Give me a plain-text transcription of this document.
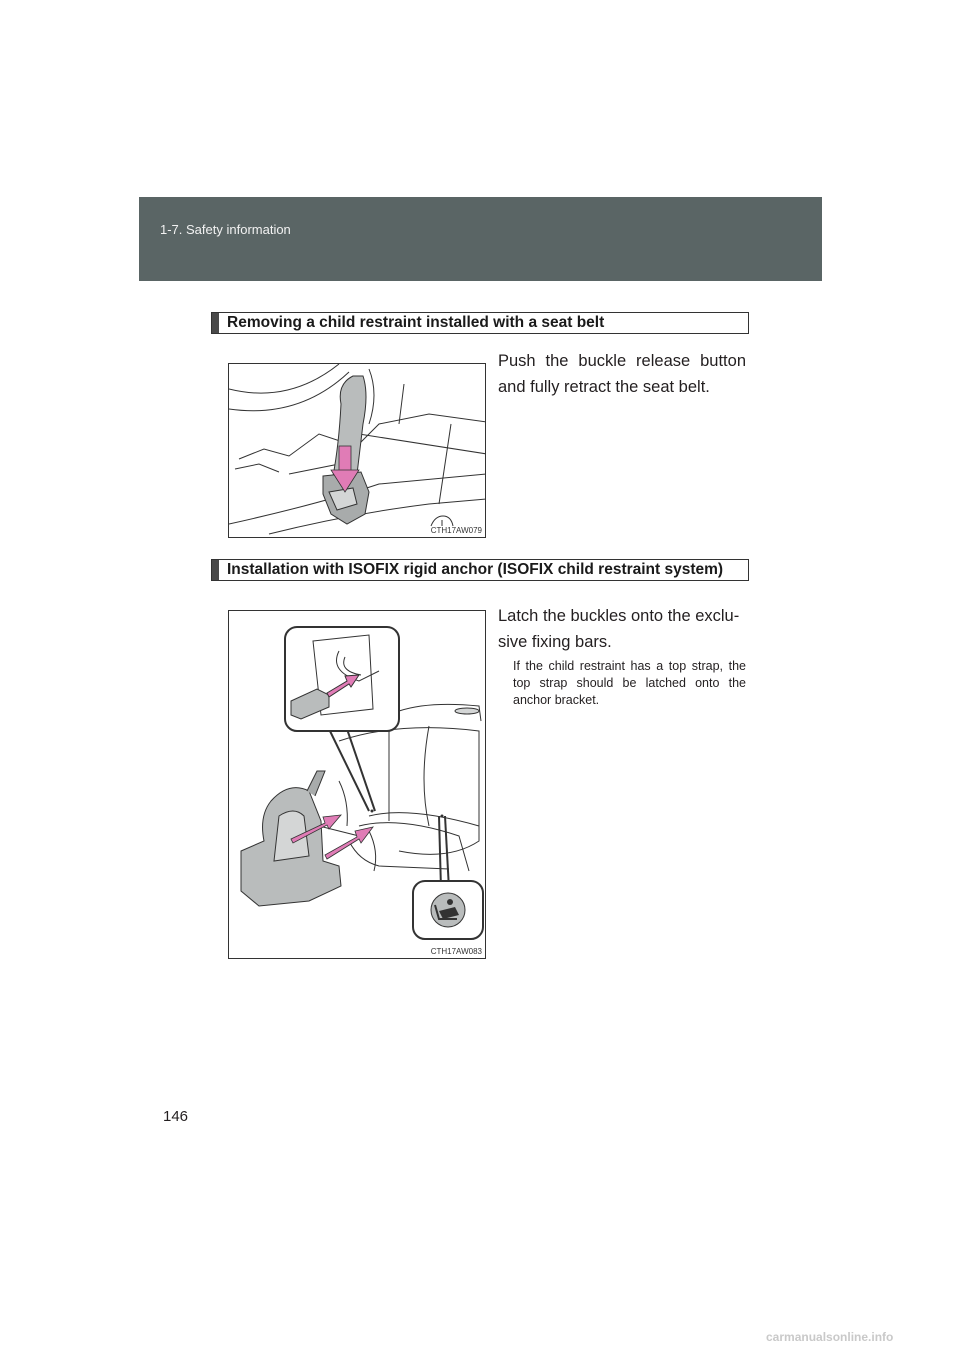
1-7. Safety information
Removing a child restraint installed with a seat belt
CTH17AW079
Push the buckle release button and fully retract the seat belt.
Installation with ISOFIX rigid anchor (ISOFIX child restraint system)
CTH17AW083
Latch the buckles onto the exclu-
sive fixing bars.
If the child restraint has a top strap, the top strap should be latched onto the anchor bracket.
146
carmanualsonline.info
